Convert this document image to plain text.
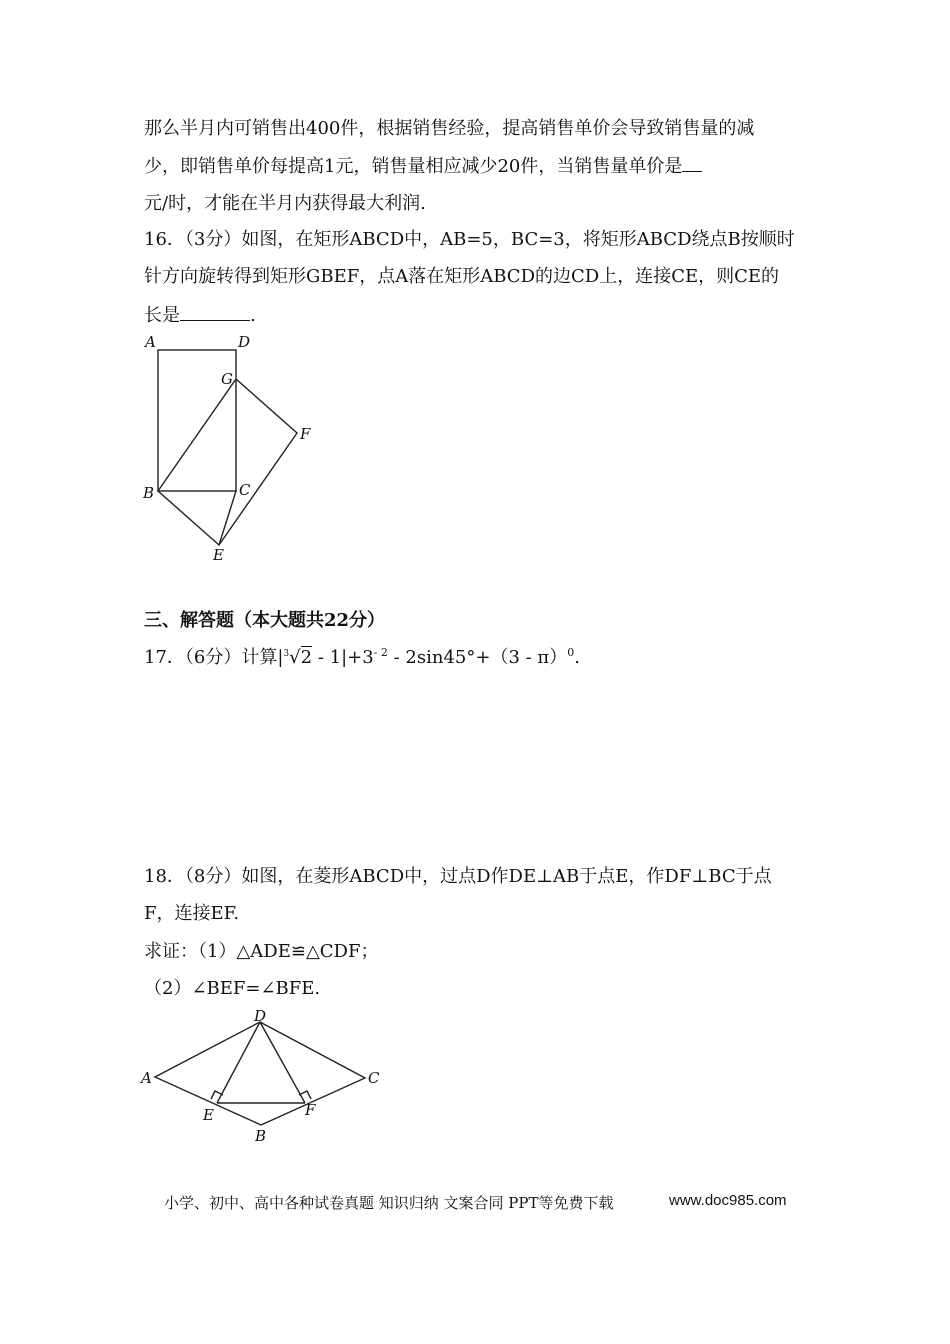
那么半月内可销售出400件，根据销售经验，提高销售单价会导致销售量的减
少，即销售单价每提高1元，销售量相应减少20件，当销售量单价是
元/时，才能在半月内获得最大利润.
16．（3分）如图，在矩形ABCD中，AB=5，BC=3，将矩形ABCD绕点B按顺时
针方向旋转得到矩形GBEF，点A落在矩形ABCD的边CD上，连接CE，则CE的
长是	.
A	D
G
F
B	C
E
三、解答题（本大题共22分）
17．（6分）计算$|^3√2 - 1|+3^{- 2} - 2\sin 45^\circ+(3 - \pi)^0$.
18．（8分）如图，在菱形ABCD中，过点D作DE⊥AB于点E，作DF⊥BC于点
F，连接EF.
求证：（1）△ADE≌△CDF；
（2）∠BEF=∠BFE.
D
A	C
E	F
B
小学、初中、高中各种试卷真题 知识归纳 文案合同 PPT等免费下载	www.doc985.com
